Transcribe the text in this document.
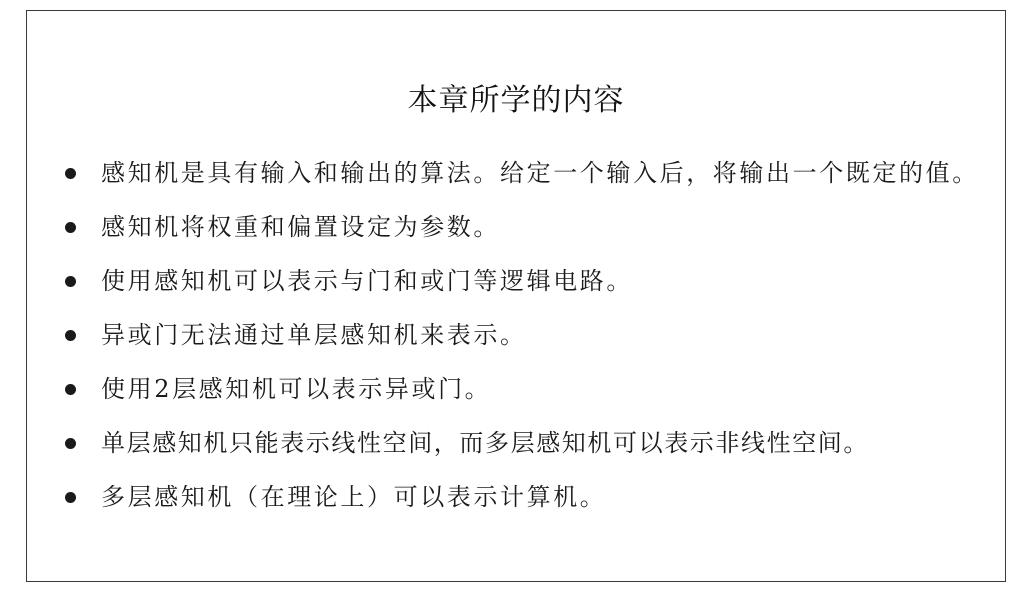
本章所学的内容
感知机是具有输入和输出的算法。给定一个输入后，将输出一个既定的值。
感知机将权重和偏置设定为参数。
使用感知机可以表示与门和或门等逻辑电路。
异或门无法通过单层感知机来表示。
使用2层感知机可以表示异或门。
单层感知机只能表示线性空间，而多层感知机可以表示非线性空间。
多层感知机（在理论上）可以表示计算机。
